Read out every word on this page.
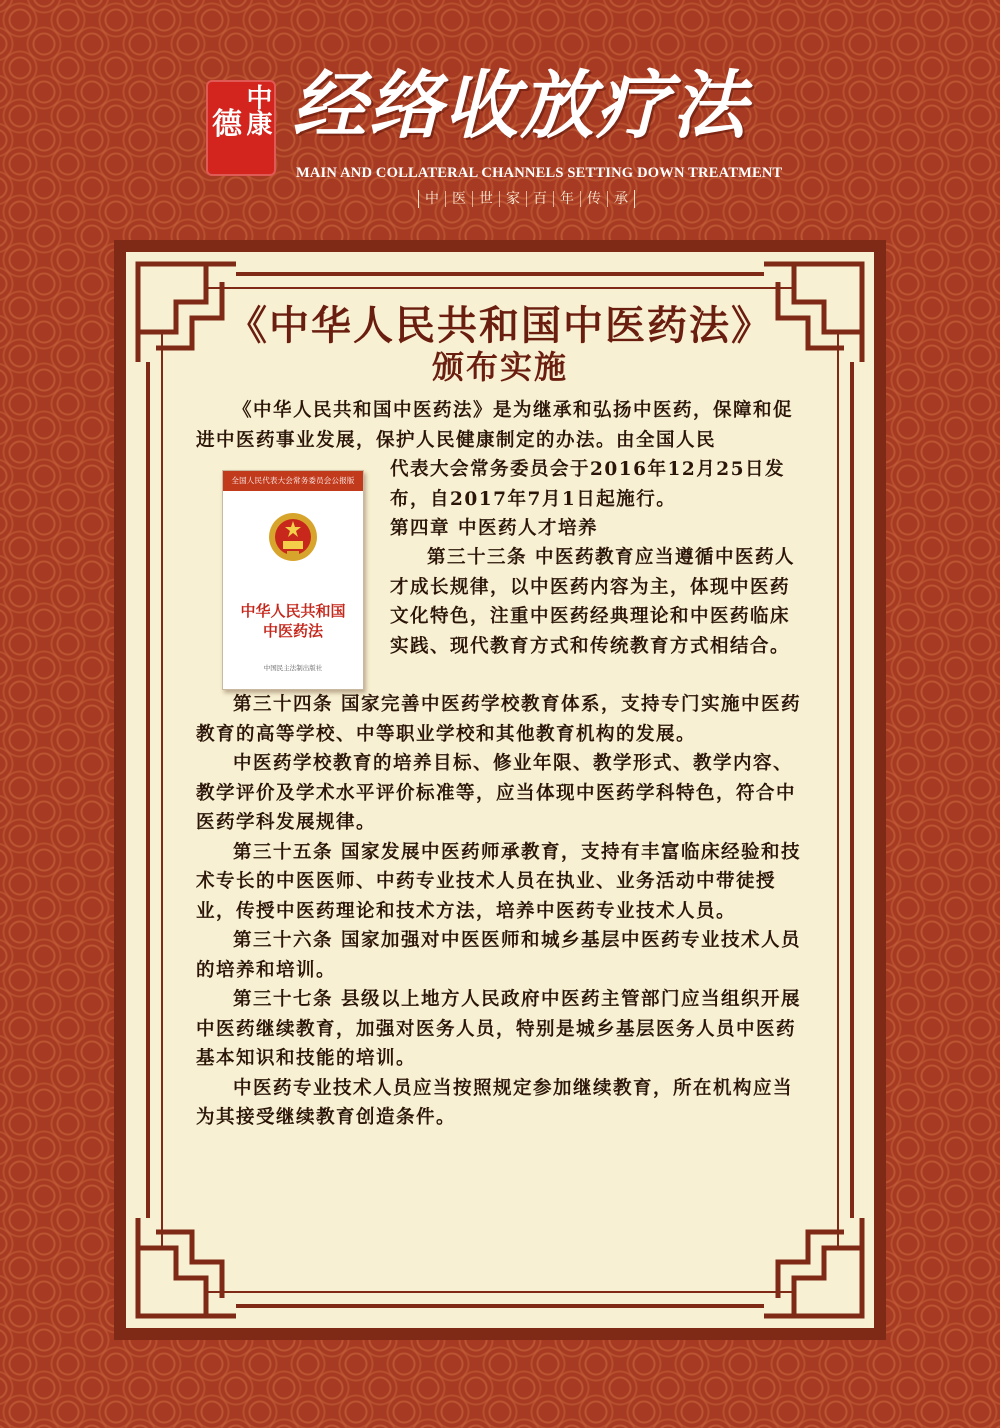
中康
德 经络收放疗法
MAIN AND COLLATERAL CHANNELS SETTING DOWN TREATMENT
中 医 世 家 百 年 传 承
《中华人民共和国中医药法》
颁布实施
全国人民代表大会常务委员会公报版
中华人民共和国
中医药法
中国民主法制出版社

《中华人民共和国中医药法》是为继承和弘扬中医药，保障和促进中医药事业发展，保护人民健康制定的办法。由全国人民

代表大会常务委员会于2016年12月25日发布，自2017年7月1日起施行。

第四章 中医药人才培养

第三十三条 中医药教育应当遵循中医药人才成长规律，以中医药内容为主，体现中医药文化特色，注重中医药经典理论和中医药临床实践、现代教育方式和传统教育方式相结合。

第三十四条 国家完善中医药学校教育体系，支持专门实施中医药教育的高等学校、中等职业学校和其他教育机构的发展。

中医药学校教育的培养目标、修业年限、教学形式、教学内容、教学评价及学术水平评价标准等，应当体现中医药学科特色，符合中医药学科发展规律。

第三十五条 国家发展中医药师承教育，支持有丰富临床经验和技术专长的中医医师、中药专业技术人员在执业、业务活动中带徒授业，传授中医药理论和技术方法，培养中医药专业技术人员。

第三十六条 国家加强对中医医师和城乡基层中医药专业技术人员的培养和培训。

第三十七条 县级以上地方人民政府中医药主管部门应当组织开展中医药继续教育，加强对医务人员，特别是城乡基层医务人员中医药基本知识和技能的培训。

中医药专业技术人员应当按照规定参加继续教育，所在机构应当为其接受继续教育创造条件。
